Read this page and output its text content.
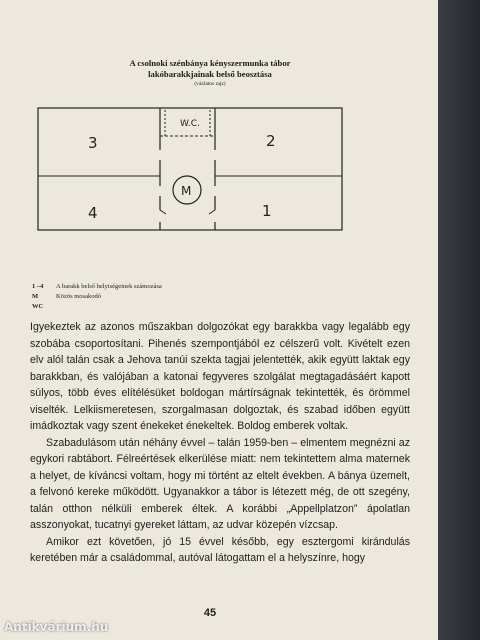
A csolnoki szénbánya kényszermunka tábor
lakóbarakkjainak belső beosztása
(vázlatos rajz)
W.C.
M
3	2
4	1
1 –4 A barakk belső helyiségeinek számozása
M	Közös mosakodó
WC

Igyekeztek az azonos műszakban dolgozókat egy barakkba vagy legalább egy szobába csoportosítani. Pihenés szempontjából ez célszerű volt. Kivételt ezen elv alól talán csak a Jehova tanúi szekta tagjai jelentették, akik együtt laktak egy barakkban, és valójában a katonai fegyveres szolgálat megtagadásáért kapott súlyos, több éves elítélésüket boldogan mártírságnak tekintették, és örömmel viselték. Lelkiismeretesen, szorgalmasan dolgoztak, és szabad időben együtt imádkoztak vagy szent énekeket énekeltek. Boldog emberek voltak.

Szabadulásom után néhány évvel – talán 1959-ben – elmentem megnézni az egykori rabtábort. Félreértések elkerülése miatt: nem tekintettem alma maternek a helyet, de kíváncsi voltam, hogy mi történt az eltelt években. A bánya üzemelt, a felvonó kereke működött. Ugyanakkor a tábor is létezett még, de ott szegény, talán otthon nélküli emberek éltek. A korábbi „Appellplatzon” ápolatlan asszonyokat, tucatnyi gyereket láttam, az udvar közepén vízcsap.

Amikor ezt követően, jó 15 évvel később, egy esztergomi kirándulás keretében már a családommal, autóval látogattam el a helyszínre, hogy

45
Antikvárium.hu
